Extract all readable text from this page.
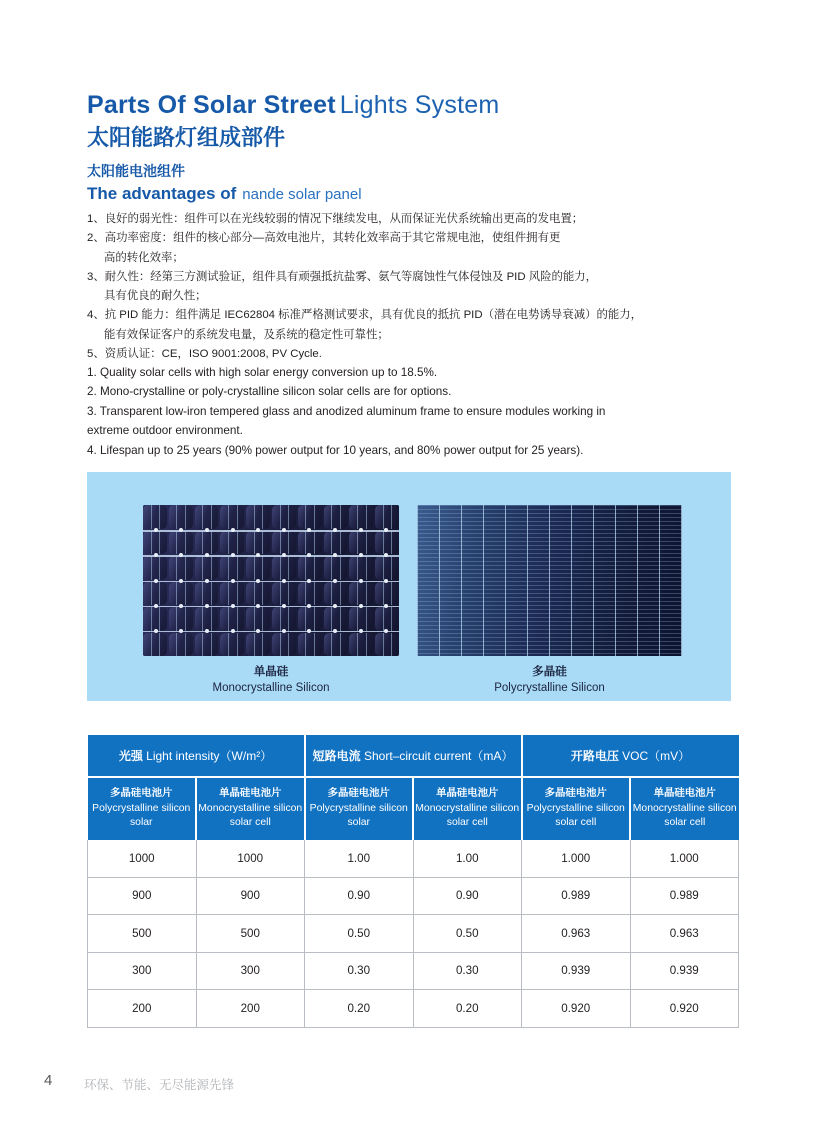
Parts Of Solar Street Lights System
太阳能路灯组成部件
太阳能电池组件
The advantages of nande solar panel
1、良好的弱光性：组件可以在光线较弱的情况下继续发电，从而保证光伏系统输出更高的发电置；
2、高功率密度：组件的核心部分—高效电池片，其转化效率高于其它常规电池，使组件拥有更
高的转化效率；
3、耐久性：经第三方测试验证，组件具有顽强抵抗盐雾、氨气等腐蚀性气体侵蚀及 PID 风险的能力，
具有优良的耐久性；
4、抗 PID 能力：组件满足 IEC62804 标准严格测试要求，具有优良的抵抗 PID（潜在电势诱导衰减）的能力，
能有效保证客户的系统发电量，及系统的稳定性可靠性；
5、资质认证：CE，ISO 9001:2008, PV Cycle.
1. Quality solar cells with high solar energy conversion up to 18.5%.
2. Mono-crystalline or poly-crystalline silicon solar cells are for options.
3. Transparent low-iron tempered glass and anodized aluminum frame to ensure modules working in
extreme outdoor environment.
4. Lifespan up to 25 years (90% power output for 10 years, and 80% power output for 25 years).
单晶硅
Monocrystalline Silicon
多晶硅
Polycrystalline Silicon
光强 Light intensity（W/m²）		短路电流 Short–circuit current（mA）		开路电压 VOC（mV）	

多晶硅电池片
Polycrystalline silicon solar	单晶硅电池片
Monocrystalline silicon solar cell	多晶硅电池片
Polycrystalline silicon solar	单晶硅电池片
Monocrystalline silicon solar cell	多晶硅电池片
Polycrystalline silicon solar cell	单晶硅电池片
Monocrystalline silicon solar cell
1000	1000	1.00	1.00	1.000	1.000
900	900	0.90	0.90	0.989	0.989
500	500	0.50	0.50	0.963	0.963
300	300	0.30	0.30	0.939	0.939
200	200	0.20	0.20	0.920	0.920
4	环保、节能、无尽能源先锋
